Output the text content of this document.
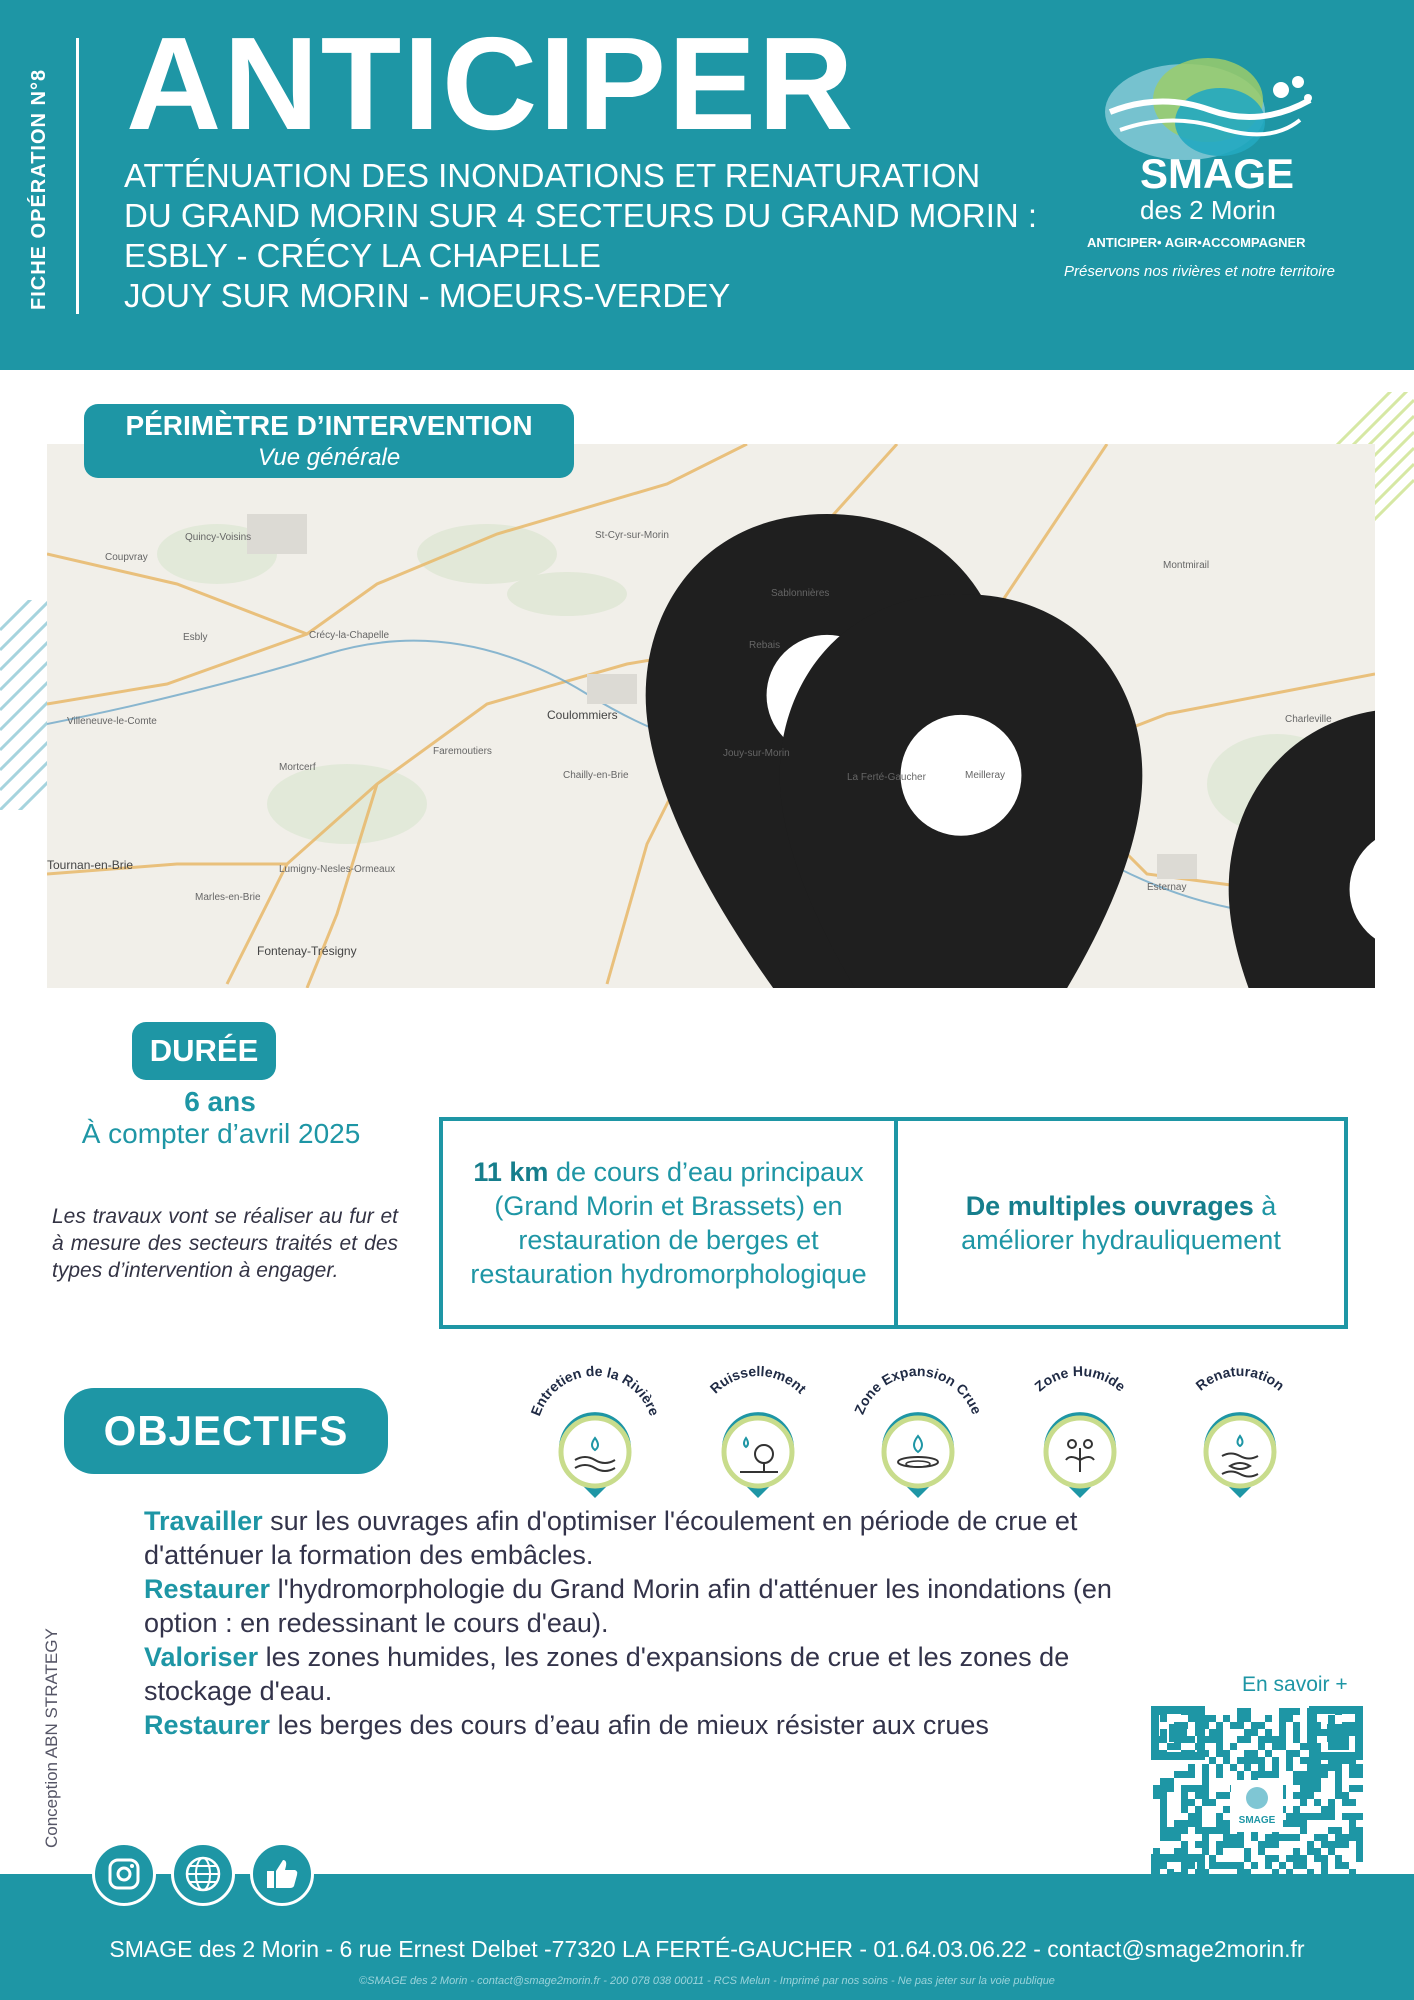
FICHE OPÉRATION N°8 ANTICIPER
ATTÉNUATION DES INONDATIONS ET RENATURATION
DU GRAND MORIN SUR 4 SECTEURS DU GRAND MORIN :
ESBLY - CRÉCY LA CHAPELLE
JOUY SUR MORIN - MOEURS-VERDEY
SMAGE
des 2 Morin
ANTICIPER• AGIR•ACCOMPAGNER
Préservons nos rivières et notre territoire
Coupvray
Quincy-Voisins
Crécy-la-Chapelle
Coulommiers
Jouy-sur-Morin
La Ferté-Gaucher
Rebais
Villeneuve-le-Comte
Tournan-en-Brie
Fontenay-Trésigny
Montmirail
Esternay
St-Cyr-sur-Morin
Faremoutiers
Mortcerf
Chailly-en-Brie
Marles-en-Brie
Lumigny-Nesles-Ormeaux
Sablonnières
Meilleray
Charleville
Esbly
PÉRIMÈTRE D’INTERVENTION
Vue générale
DURÉE
6 ans
À compter d’avril 2025
Les travaux vont se réaliser au fur et à mesure des secteurs traités et des types d’intervention à engager.
11 km de cours d’eau principaux (Grand Morin et Brassets) en restauration de berges et restauration hydromorphologique
De multiples ouvrages à améliorer hydrauliquement
OBJECTIFS	Entretien de la Rivière
Ruissellement
Zone Expansion Crue
Zone Humide	Renaturation

Travailler sur les ouvrages afin d'optimiser l'écoulement en période de crue et d'atténuer la formation des embâcles.

Restaurer l'hydromorphologie du Grand Morin afin d'atténuer les inondations (en option : en redessinant le cours d'eau).

Valoriser les zones humides, les zones d'expansions de crue et les zones de stockage d'eau.

Restaurer les berges des cours d’eau afin de mieux résister aux crues

Conception ABN STRATEGY	En savoir +
SMAGE
SMAGE des 2 Morin - 6 rue Ernest Delbet -77320 LA FERTÉ-GAUCHER - 01.64.03.06.22 - contact@smage2morin.fr
©SMAGE des 2 Morin - contact@smage2morin.fr - 200 078 038 00011 - RCS Melun - Imprimé par nos soins - Ne pas jeter sur la voie publique
